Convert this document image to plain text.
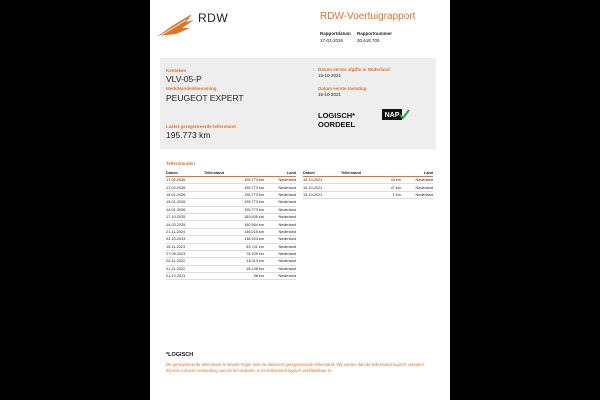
RDW	RDW-Voertuigrapport
Rapportdatum
17-02-2026
Rapportnummer
30.618.705
Kenteken
VLV-05-P
Merk/Handelsbenaming
PEUGEOT EXPERT
Laatst geregistreerde tellerstand
195.773 km
Datum eerste afgifte in Nederland
15-10-2021
Datum eerste toelating
15-10-2021
LOGISCH*
OORDEEL
NAP
Tellerstanden
Datum	Tellerstand	Land
17-02-2026	195.773 km	Nederland
17-02-2026	195.773 km	Nederland
19-01-2026	195.773 km	Nederland
19-01-2026	195.773 km	Nederland
14-01-2026	195.773 km	Nederland
17-10-2025	189.635 km	Nederland
14-03-2025	160.564 km	Nederland
21-11-2024	146.015 km	Nederland
03-10-2024	138.924 km	Nederland
15-11-2023	83.741 km	Nederland
27-09-2023	78.109 km	Nederland
24-11-2022	18.113 km	Nederland
01-11-2022	18.138 km	Nederland
21-10-2021	58 km	Nederland
Datum	Tellerstand	Land
19-10-2021	44 km	Nederland
19-10-2021	47 km	Nederland
15-10-2021	1 km	Nederland
*LOGISCH
De geregistreerde tellerstand is steeds hoger dan de daarvoor geregistreerde tellerstand. Wij vinden dan de tellerstand logisch verlopen. Bij een correcte verwerking van de km-standen is de tellerstand logisch verklaarbaar in.
